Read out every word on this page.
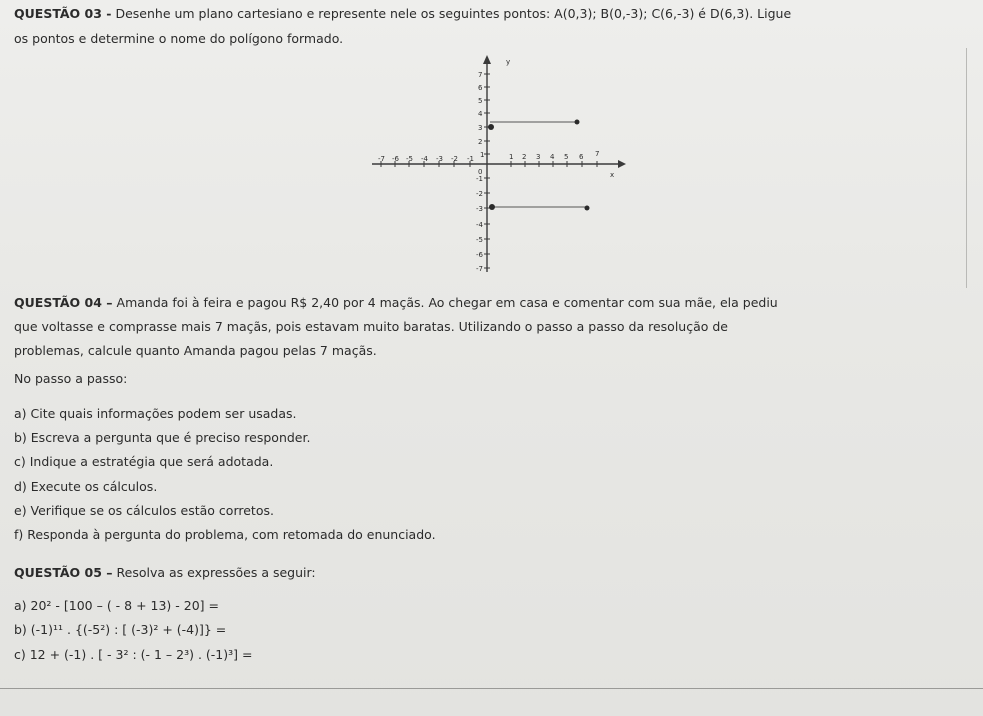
QUESTÃO 03 - Desenhe um plano cartesiano e represente nele os seguintes pontos: A(0,3); B(0,-3); C(6,-3) é D(6,3). Ligue
os pontos e determine o nome do polígono formado.
y
x
0
-7 -6 -5 -4 -3 -2 -1	1 2 3 4 5 6 7
7
6
5
4
3
2
1
-1
-2
-3
-4
-5
-6
-7
QUESTÃO 04 – Amanda foi à feira e pagou R$ 2,40 por 4 maçãs. Ao chegar em casa e comentar com sua mãe, ela pediu
que voltasse e comprasse mais 7 maçãs, pois estavam muito baratas. Utilizando o passo a passo da resolução de
problemas, calcule quanto Amanda pagou pelas 7 maçãs.
No passo a passo:
a) Cite quais informações podem ser usadas.
b) Escreva a pergunta que é preciso responder.
c) Indique a estratégia que será adotada.
d) Execute os cálculos.
e) Verifique se os cálculos estão corretos.
f) Responda à pergunta do problema, com retomada do enunciado.
QUESTÃO 05 – Resolva as expressões a seguir:
a) 20² - [100 – ( - 8 + 13) - 20] =
b) (-1)¹¹ . {(-5²) : [ (-3)² + (-4)]} =
c) 12 + (-1) . [ - 3² : (- 1 – 2³) . (-1)³] =
